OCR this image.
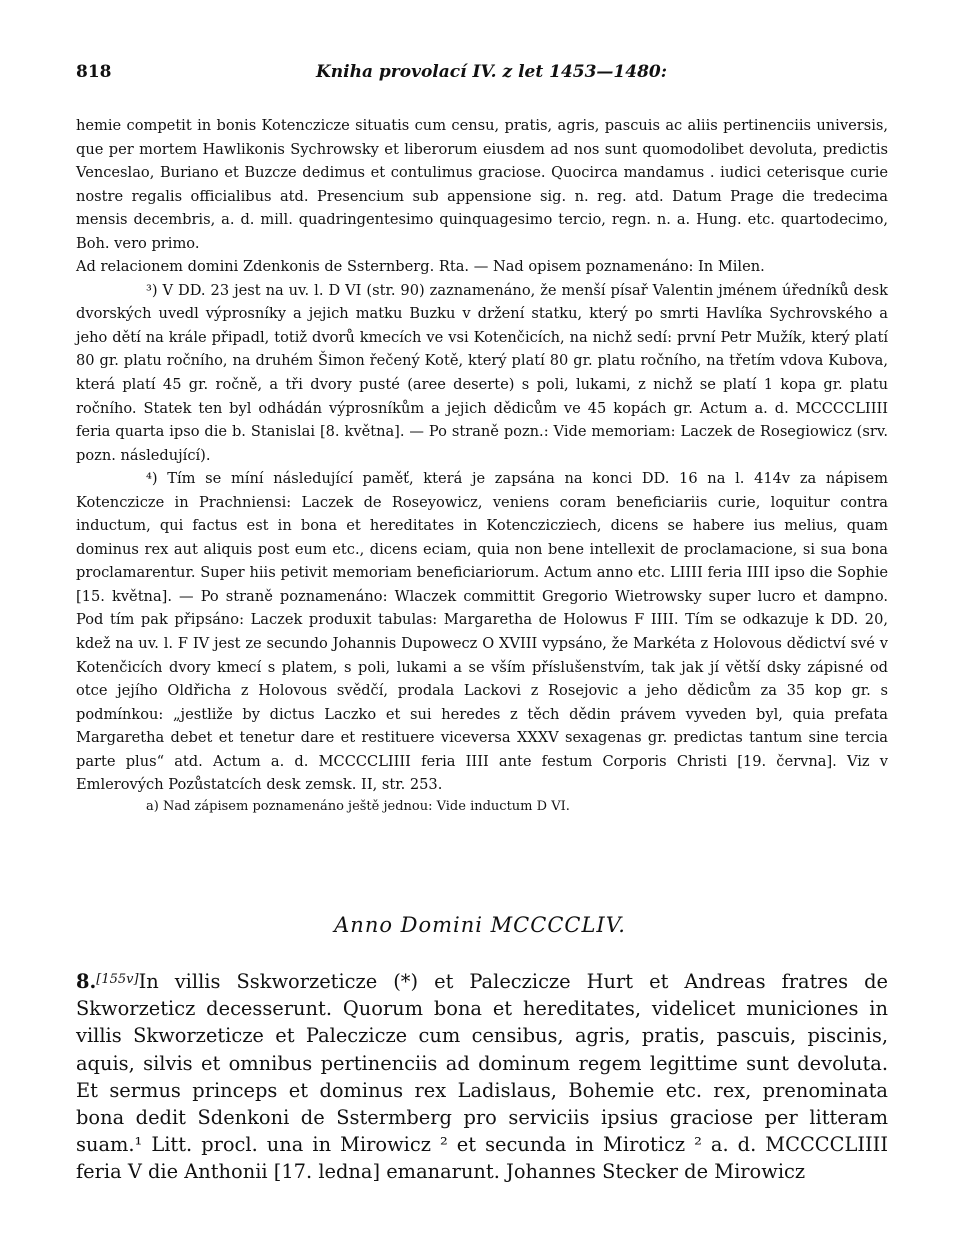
818	Kniha provolací IV. z let 1453—1480:

hemie competit in bonis Kotenczicze situatis cum censu, pratis, agris, pascuis ac aliis pertinenciis universis, que per mortem Hawlikonis Sychrowsky et liberorum eiusdem ad nos sunt quomodolibet devoluta, predictis Venceslao, Buriano et Buzcze dedimus et contulimus graciose. Quocirca mandamus . iudici ceterisque curie nostre regalis officialibus atd. Presencium sub appensione sig. n. reg. atd. Datum Prage die tredecima mensis decembris, a. d. mill. quadringentesimo quinquagesimo tercio, regn. n. a. Hung. etc. quartodecimo, Boh. vero primo.

Ad relacionem domini Zdenkonis de Ssternberg. Rta. — Nad opisem poznamenáno: In Milen.

³) V DD. 23 jest na uv. l. D VI (str. 90) zaznamenáno, že menší písař Valentin jménem úředníků desk dvorských uvedl výprosníky a jejich matku Buzku v držení statku, který po smrti Havlíka Sychrovského a jeho dětí na krále připadl, totiž dvorů kmecích ve vsi Kotenčicích, na nichž sedí: první Petr Mužík, který platí 80 gr. platu ročního, na druhém Šimon řečený Kotě, který platí 80 gr. platu ročního, na třetím vdova Kubova, která platí 45 gr. ročně, a tři dvory pusté (aree deserte) s poli, lukami, z nichž se platí 1 kopa gr. platu ročního. Statek ten byl odhádán výprosníkům a jejich dědicům ve 45 kopách gr. Actum a. d. MCCCCLIIII feria quarta ipso die b. Stanislai [8. května]. — Po straně pozn.: Vide memoriam: Laczek de Rosegiowicz (srv. pozn. následující).

⁴) Tím se míní následující paměť, která je zapsána na konci DD. 16 na l. 414v za nápisem Kotenczicze in Prachniensi: Laczek de Roseyowicz, veniens coram beneficiariis curie, loquitur contra inductum, qui factus est in bona et hereditates in Kotenczicziech, dicens se habere ius melius, quam dominus rex aut aliquis post eum etc., dicens eciam, quia non bene intellexit de proclamacione, si sua bona proclamarentur. Super hiis petivit memoriam beneficiariorum. Actum anno etc. LIIII feria IIII ipso die Sophie [15. května]. — Po straně poznamenáno: Wlaczek committit Gregorio Wietrowsky super lucro et dampno. Pod tím pak připsáno: Laczek produxit tabulas: Margaretha de Holowus F IIII. Tím se odkazuje k DD. 20, kdež na uv. l. F IV jest ze secundo Johannis Dupowecz O XVIII vypsáno, že Markéta z Holovous dědictví své v Kotenčicích dvory kmecí s platem, s poli, lukami a se vším příslušenstvím, tak jak jí větší dsky zápisné od otce jejího Oldřicha z Holovous svědčí, prodala Lackovi z Rosejovic a jeho dědicům za 35 kop gr. s podmínkou: „jestliže by dictus Laczko et sui heredes z těch dědin právem vyveden byl, quia prefata Margaretha debet et tenetur dare et restituere viceversa XXXV sexagenas gr. predictas tantum sine tercia parte plus“ atd. Actum a. d. MCCCCLIIII feria IIII ante festum Corporis Christi [19. června]. Viz v Emlerových Pozůstatcích desk zemsk. II, str. 253.

a) Nad zápisem poznamenáno ještě jednou: Vide inductum D VI.

Anno Domini MCCCCLIV.

8.[155v]In villis Sskworzeticze (*) et Paleczicze Hurt et Andreas fratres de Skworzeticz decesserunt. Quorum bona et hereditates, videlicet municiones in villis Skworzeticze et Paleczicze cum censibus, agris, pratis, pascuis, piscinis, aquis, silvis et omnibus pertinenciis ad dominum regem legittime sunt devoluta. Et sermus princeps et dominus rex Ladislaus, Bohemie etc. rex, prenominata bona dedit Sdenkoni de Sstermberg pro serviciis ipsius graciose per litteram suam.¹ Litt. procl. una in Mirowicz ² et secunda in Miroticz ² a. d. MCCCCLIIII feria V die Anthonii [17. ledna] emanarunt. Johannes Stecker de Mirowicz
